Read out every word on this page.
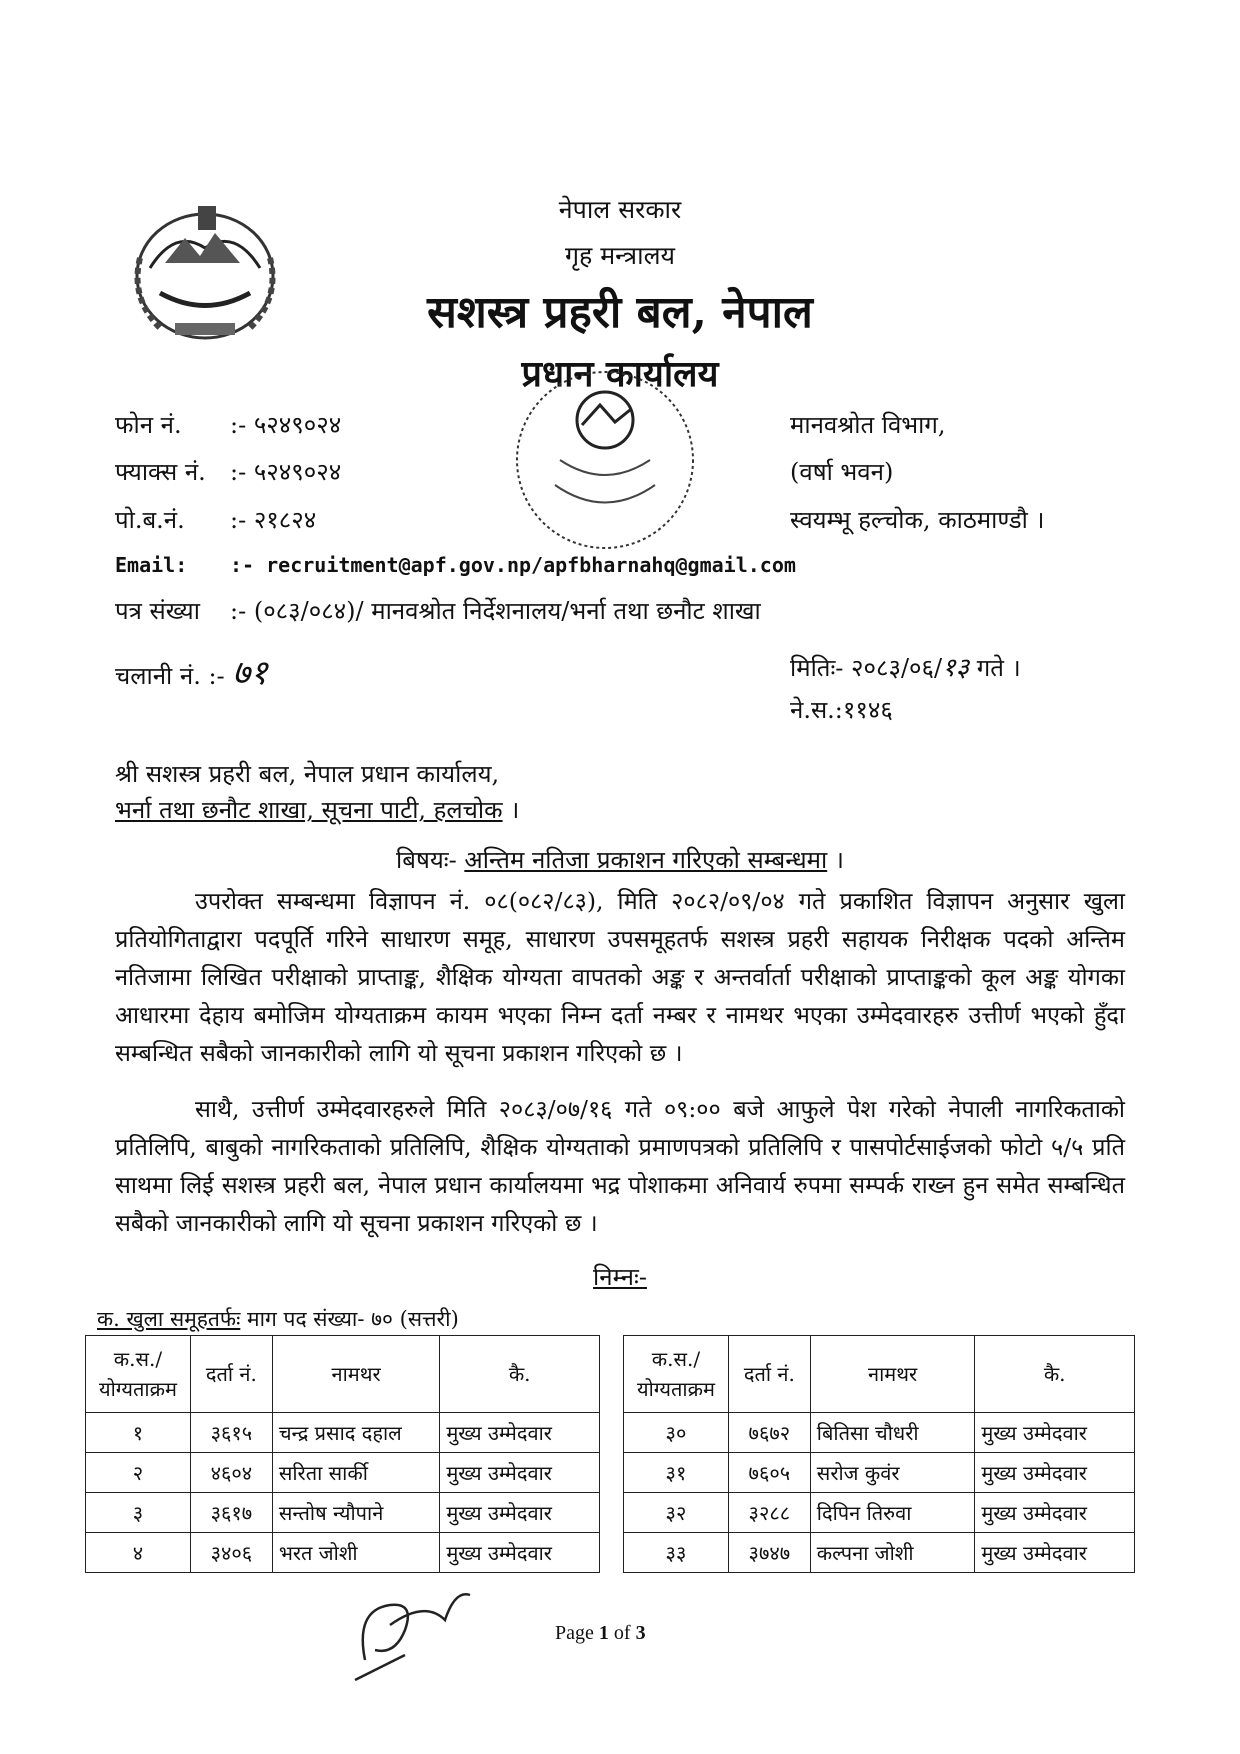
नेपाल सरकार
गृह मन्त्रालय
सशस्त्र प्रहरी बल, नेपाल
प्रधान कार्यालय
फोन नं. :- ५२४९०२४
फ्याक्स नं. :- ५२४९०२४
पो.ब.नं. :- २१८२४
Email: :- recruitment@apf.gov.np/apfbharnahq@gmail.com
पत्र संख्या :- (०८३/०८४)/ मानवश्रोत निर्देशनालय/भर्ना तथा छनौट शाखा
चलानी नं. :- ७१
मानवश्रोत विभाग,
(वर्षा भवन)
स्वयम्भू हल्चोक, काठमाण्डौ ।
मितिः- २०८३/०६/१३ गते ।
ने.स.:११४६
श्री सशस्त्र प्रहरी बल, नेपाल प्रधान कार्यालय,
भर्ना तथा छनौट शाखा, सूचना पाटी, हलचोक ।
बिषयः- अन्तिम नतिजा प्रकाशन गरिएको सम्बन्धमा ।

उपरोक्त सम्बन्धमा विज्ञापन नं. ०८(०८२/८३), मिति २०८२/०९/०४ गते प्रकाशित विज्ञापन अनुसार खुला प्रतियोगिताद्वारा पदपूर्ति गरिने साधारण समूह, साधारण उपसमूहतर्फ सशस्त्र प्रहरी सहायक निरीक्षक पदको अन्तिम नतिजामा लिखित परीक्षाको प्राप्ताङ्क, शैक्षिक योग्यता वापतको अङ्क र अन्तर्वार्ता परीक्षाको प्राप्ताङ्कको कूल अङ्क योगका आधारमा देहाय बमोजिम योग्यताक्रम कायम भएका निम्न दर्ता नम्बर र नामथर भएका उम्मेदवारहरु उत्तीर्ण भएको हुँदा सम्बन्धित सबैको जानकारीको लागि यो सूचना प्रकाशन गरिएको छ ।

साथै, उत्तीर्ण उम्मेदवारहरुले मिति २०८३/०७/१६ गते ०९:०० बजे आफुले पेश गरेको नेपाली नागरिकताको प्रतिलिपि, बाबुको नागरिकताको प्रतिलिपि, शैक्षिक योग्यताको प्रमाणपत्रको प्रतिलिपि र पासपोर्टसाईजको फोटो ५/५ प्रति साथमा लिई सशस्त्र प्रहरी बल, नेपाल प्रधान कार्यालयमा भद्र पोशाकमा अनिवार्य रुपमा सम्पर्क राख्न हुन समेत सम्बन्धित सबैको जानकारीको लागि यो सूचना प्रकाशन गरिएको छ ।

निम्नः-
क. खुला समूहतर्फः माग पद संख्या- ७० (सत्तरी)
क.स./ योग्यताक्रम	दर्ता नं.	नामथर	कै.
१	३६१५	चन्द्र प्रसाद दहाल	मुख्य उम्मेदवार
२	४६०४	सरिता सार्की	मुख्य उम्मेदवार
३	३६१७	सन्तोष न्यौपाने	मुख्य उम्मेदवार
४	३४०६	भरत जोशी	मुख्य उम्मेदवार
क.स./ योग्यताक्रम	दर्ता नं.	नामथर	कै.
३०	७६७२	बितिसा चौधरी	मुख्य उम्मेदवार
३१	७६०५	सरोज कुवंर	मुख्य उम्मेदवार
३२	३२८८	दिपिन तिरुवा	मुख्य उम्मेदवार
३३	३७४७	कल्पना जोशी	मुख्य उम्मेदवार
Page 1 of 3
